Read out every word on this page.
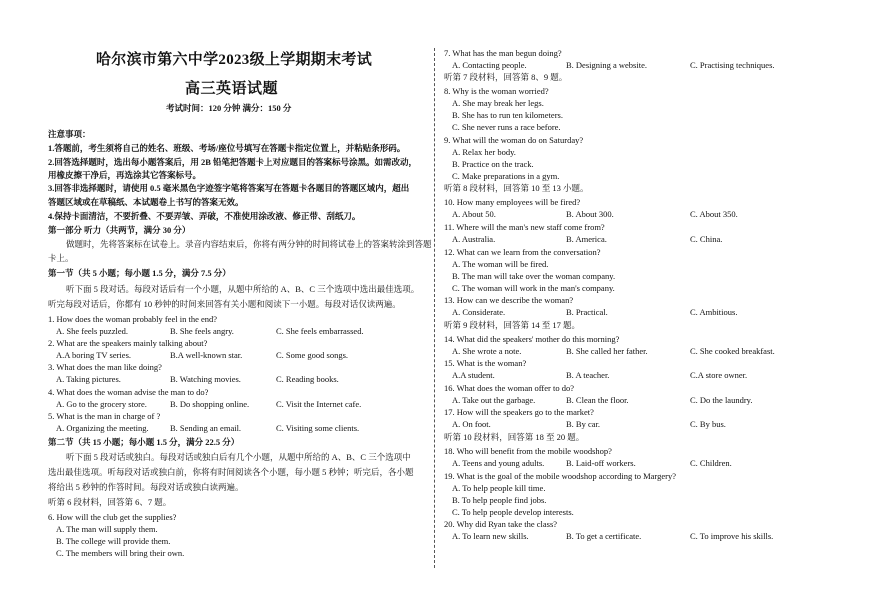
哈尔滨市第六中学2023级上学期期末考试
高三英语试题
考试时间：120 分钟 满分：150 分
注意事项：
1.答题前，考生须将自己的姓名、班级、考场/座位号填写在答题卡指定位置上，并粘贴条形码。
2.回答选择题时，选出每小题答案后，用 2B 铅笔把答题卡上对应题目的答案标号涂黑。如需改动，
用橡皮擦干净后，再选涂其它答案标号。
3.回答非选择题时，请使用 0.5 毫米黑色字迹签字笔将答案写在答题卡各题目的答题区域内，超出
答题区域或在草稿纸、本试题卷上书写的答案无效。
4.保持卡面清洁，不要折叠、不要弄皱、弄破，不准使用涂改液、修正带、刮纸刀。
第一部分 听力（共两节，满分 30 分）
做题时，先将答案标在试卷上。录音内容结束后，你将有两分钟的时间将试卷上的答案转涂到答题
卡上。
第一节（共 5 小题；每小题 1.5 分，满分 7.5 分）
听下面 5 段对话。每段对话后有一个小题，从题中所给的 A、B、C 三个选项中选出最佳选项。
听完每段对话后，你都有 10 秒钟的时间来回答有关小题和阅读下一小题。每段对话仅读两遍。
1. How does the woman probably feel in the end?
A. She feels puzzled.	B. She feels angry.	C. She feels embarrassed.
2. What are the speakers mainly talking about?
A.A boring TV series.	B.A well-known star.	C. Some good songs.
3. What does the man like doing?
A. Taking pictures.	B. Watching movies.	C. Reading books.
4. What does the woman advise the man to do?
A. Go to the grocery store.	B. Do shopping online.	C. Visit the Internet cafe.
5. What is the man in charge of ?
A. Organizing the meeting.	B. Sending an email.	C. Visiting some clients.
第二节（共 15 小题；每小题 1.5 分，满分 22.5 分）
听下面 5 段对话或独白。每段对话或独白后有几个小题，从题中所给的 A、B、C 三个选项中
选出最佳选项。听每段对话或独白前，你将有时间阅读各个小题，每小题 5 秒钟；听完后，各小题
将给出 5 秒钟的作答时间。每段对话或独白读两遍。
听第 6 段材料，回答第 6、7 题。
6. How will the club get the supplies?
A. The man will supply them.
B. The college will provide them.
C. The members will bring their own.
7. What has the man begun doing?
A. Contacting people.	B. Designing a website.	C. Practising techniques.
听第 7 段材料，回答第 8、9 题。
8. Why is the woman worried?
A. She may break her legs.
B. She has to run ten kilometers.
C. She never runs a race before.
9. What will the woman do on Saturday?
A. Relax her body.
B. Practice on the track.
C. Make preparations in a gym.
听第 8 段材料，回答第 10 至 13 小题。
10. How many employees will be fired?
A. About 50.	B. About 300.	C. About 350.
11. Where will the man's new staff come from?
A. Australia.	B. America.	C. China.
12. What can we learn from the conversation?
A. The woman will be fired.
B. The man will take over the woman company.
C. The woman will work in the man's company.
13. How can we describe the woman?
A. Considerate.	B. Practical.	C. Ambitious.
听第 9 段材料，回答第 14 至 17 题。
14. What did the speakers' mother do this morning?
A. She wrote a note.	B. She called her father.	C. She cooked breakfast.
15. What is the woman?
A.A student.	B. A teacher.	C.A store owner.
16. What does the woman offer to do?
A. Take out the garbage.	B. Clean the floor.	C. Do the laundry.
17. How will the speakers go to the market?
A. On foot.	B. By car.	C. By bus.
听第 10 段材料，回答第 18 至 20 题。
18. Who will benefit from the mobile woodshop?
A. Teens and young adults.	B. Laid-off workers.	C. Children.
19. What is the goal of the mobile woodshop according to Margery?
A. To help people kill time.
B. To help people find jobs.
C. To help people develop interests.
20. Why did Ryan take the class?
A. To learn new skills.	B. To get a certificate.	C. To improve his skills.
